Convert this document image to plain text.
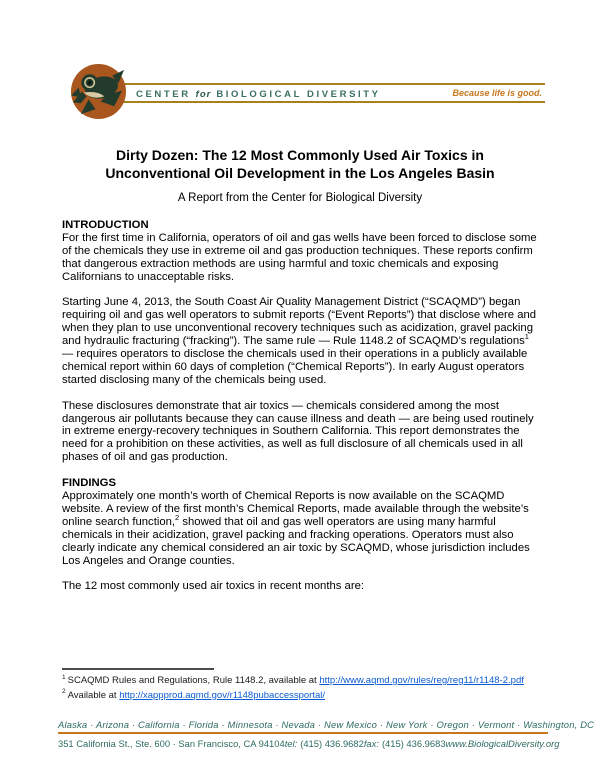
CENTER for BIOLOGICAL DIVERSITY	Because life is good.
Dirty Dozen: The 12 Most Commonly Used Air Toxics in Unconventional Oil Development in the Los Angeles Basin
A Report from the Center for Biological Diversity
INTRODUCTION

For the first time in California, operators of oil and gas wells have been forced to disclose some of the chemicals they use in extreme oil and gas production techniques. These reports confirm that dangerous extraction methods are using harmful and toxic chemicals and exposing Californians to unacceptable risks.

Starting June 4, 2013, the South Coast Air Quality Management District (“SCAQMD”) began requiring oil and gas well operators to submit reports (“Event Reports”) that disclose where and when they plan to use unconventional recovery techniques such as acidization, gravel packing and hydraulic fracturing (“fracking”). The same rule — Rule 1148.2 of SCAQMD’s regulations$^1$ — requires operators to disclose the chemicals used in their operations in a publicly available chemical report within 60 days of completion (“Chemical Reports”). In early August operators started disclosing many of the chemicals being used.

These disclosures demonstrate that air toxics — chemicals considered among the most dangerous air pollutants because they can cause illness and death — are being used routinely in extreme energy-recovery techniques in Southern California. This report demonstrates the need for a prohibition on these activities, as well as full disclosure of all chemicals used in all phases of oil and gas production.

FINDINGS

Approximately one month’s worth of Chemical Reports is now available on the SCAQMD website. A review of the first month’s Chemical Reports, made available through the website’s online search function,$^2$ showed that oil and gas well operators are using many harmful chemicals in their acidization, gravel packing and fracking operations. Operators must also clearly indicate any chemical considered an air toxic by SCAQMD, whose jurisdiction includes Los Angeles and Orange counties.

The 12 most commonly used air toxics in recent months are:

$^1$ SCAQMD Rules and Regulations, Rule 1148.2, available at http://www.aqmd.gov/rules/reg/reg11/r1148-2.pdf
$^2$ Available at http://xappprod.aqmd.gov/r1148pubaccessportal/
Alaska · Arizona · California · Florida · Minnesota · Nevada · New Mexico · New York · Oregon · Vermont · Washington, DC
351 California St., Ste. 600 · San Francisco, CA 94104 tel: (415) 436.9682 fax: (415) 436.9683 www.BiologicalDiversity.org
